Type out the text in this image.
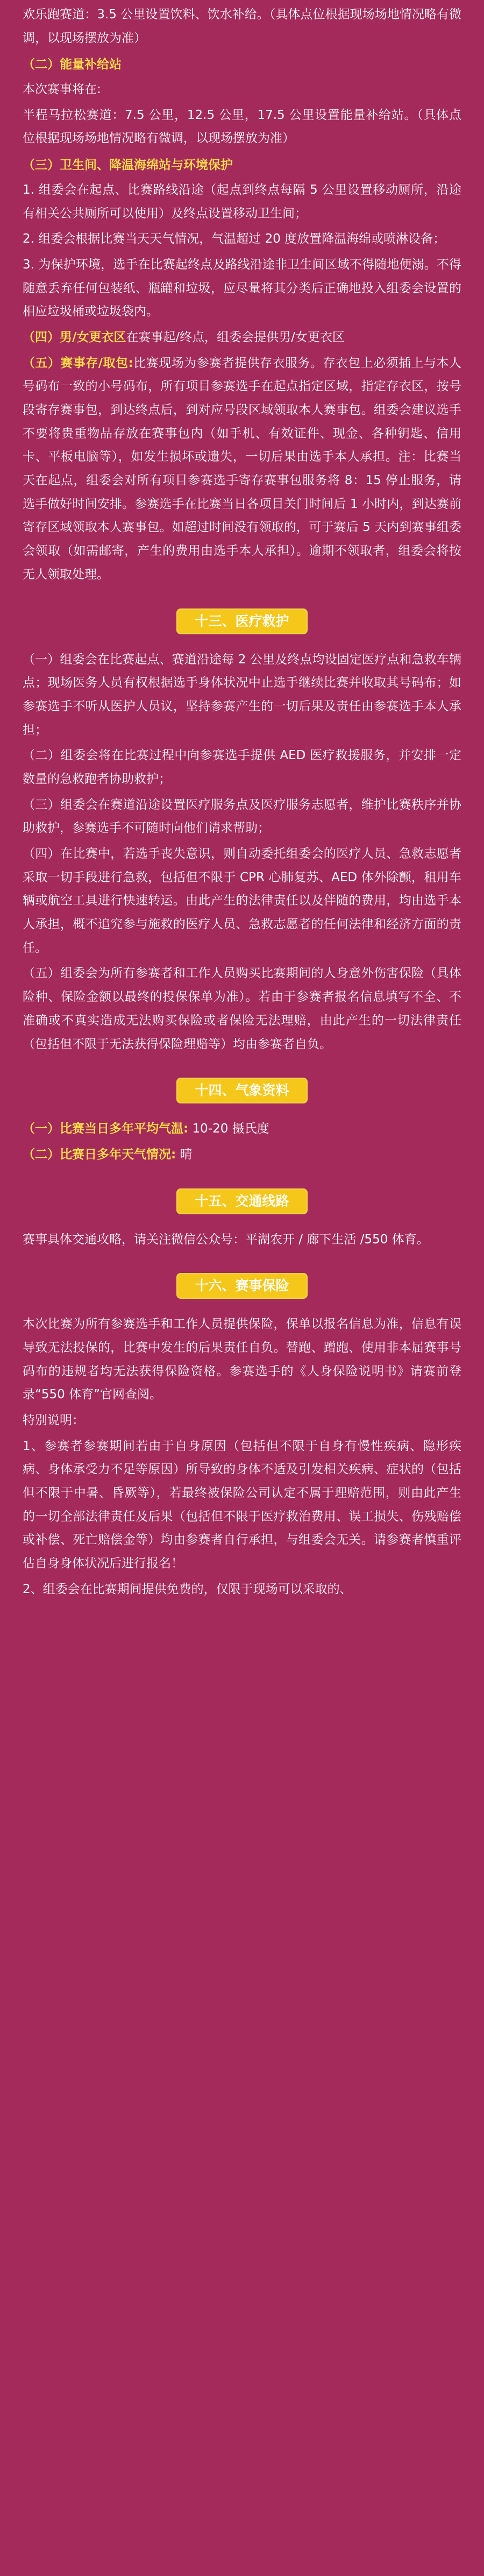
欢乐跑赛道：3.5 公里设置饮料、饮水补给。（具体点位根据现场场地情况略有微调，以现场摆放为准）

（二）能量补给站

本次赛事将在:

半程马拉松赛道：7.5 公里，12.5 公里，17.5 公里设置能量补给站。（具体点位根据现场场地情况略有微调，以现场摆放为准）

（三）卫生间、降温海绵站与环境保护

1. 组委会在起点、比赛路线沿途（起点到终点每隔 5 公里设置移动厕所，沿途有相关公共厕所可以使用）及终点设置移动卫生间；

2. 组委会根据比赛当天天气情况，气温超过 20 度放置降温海绵或喷淋设备；

3. 为保护环境，选手在比赛起终点及路线沿途非卫生间区域不得随地便溺。不得随意丢弃任何包装纸、瓶罐和垃圾，应尽量将其分类后正确地投入组委会设置的相应垃圾桶或垃圾袋内。

（四）男/女更衣区在赛事起/终点，组委会提供男/女更衣区

（五）赛事存/取包:比赛现场为参赛者提供存衣服务。存衣包上必须插上与本人号码布一致的小号码布，所有项目参赛选手在起点指定区域，指定存衣区，按号段寄存赛事包，到达终点后，到对应号段区域领取本人赛事包。组委会建议选手不要将贵重物品存放在赛事包内（如手机、有效证件、现金、各种钥匙、信用卡、平板电脑等），如发生损坏或遗失，一切后果由选手本人承担。注：比赛当天在起点，组委会对所有项目参赛选手寄存赛事包服务将 8：15 停止服务，请选手做好时间安排。参赛选手在比赛当日各项目关门时间后 1 小时内，到达赛前寄存区域领取本人赛事包。如超过时间没有领取的，可于赛后 5 天内到赛事组委会领取（如需邮寄，产生的费用由选手本人承担）。逾期不领取者，组委会将按无人领取处理。

十三、医疗救护

（一）组委会在比赛起点、赛道沿途每 2 公里及终点均设固定医疗点和急救车辆点；现场医务人员有权根据选手身体状况中止选手继续比赛并收取其号码布；如参赛选手不听从医护人员议，坚持参赛产生的一切后果及责任由参赛选手本人承担；

（二）组委会将在比赛过程中向参赛选手提供 AED 医疗救援服务，并安排一定数量的急救跑者协助救护；

（三）组委会在赛道沿途设置医疗服务点及医疗服务志愿者，维护比赛秩序并协助救护，参赛选手不可随时向他们请求帮助；

（四）在比赛中，若选手丧失意识，则自动委托组委会的医疗人员、急救志愿者采取一切手段进行急救，包括但不限于 CPR 心肺复苏、AED 体外除颤，租用车辆或航空工具进行快速转运。由此产生的法律责任以及伴随的费用，均由选手本人承担，概不追究参与施救的医疗人员、急救志愿者的任何法律和经济方面的责任。

（五）组委会为所有参赛者和工作人员购买比赛期间的人身意外伤害保险（具体险种、保险金额以最终的投保保单为准）。若由于参赛者报名信息填写不全、不准确或不真实造成无法购买保险或者保险无法理赔，由此产生的一切法律责任（包括但不限于无法获得保险理赔等）均由参赛者自负。

十四、气象资料

（一）比赛当日多年平均气温: 10-20 摄氏度

（二）比赛日多年天气情况: 晴

十五、交通线路

赛事具体交通攻略，请关注微信公众号：平湖农开 / 廊下生活 /550 体育。

十六、赛事保险

本次比赛为所有参赛选手和工作人员提供保险，保单以报名信息为准，信息有误导致无法投保的，比赛中发生的后果责任自负。替跑、蹭跑、使用非本届赛事号码布的违规者均无法获得保险资格。参赛选手的《人身保险说明书》请赛前登录“550 体育”官网查阅。

特别说明：

1、参赛者参赛期间若由于自身原因（包括但不限于自身有慢性疾病、隐形疾病、身体承受力不足等原因）所导致的身体不适及引发相关疾病、症状的（包括但不限于中暑、昏厥等），若最终被保险公司认定不属于理赔范围，则由此产生的一切全部法律责任及后果（包括但不限于医疗救治费用、误工损失、伤残赔偿或补偿、死亡赔偿金等）均由参赛者自行承担，与组委会无关。请参赛者慎重评估自身身体状况后进行报名！

2、组委会在比赛期间提供免费的，仅限于现场可以采取的、
